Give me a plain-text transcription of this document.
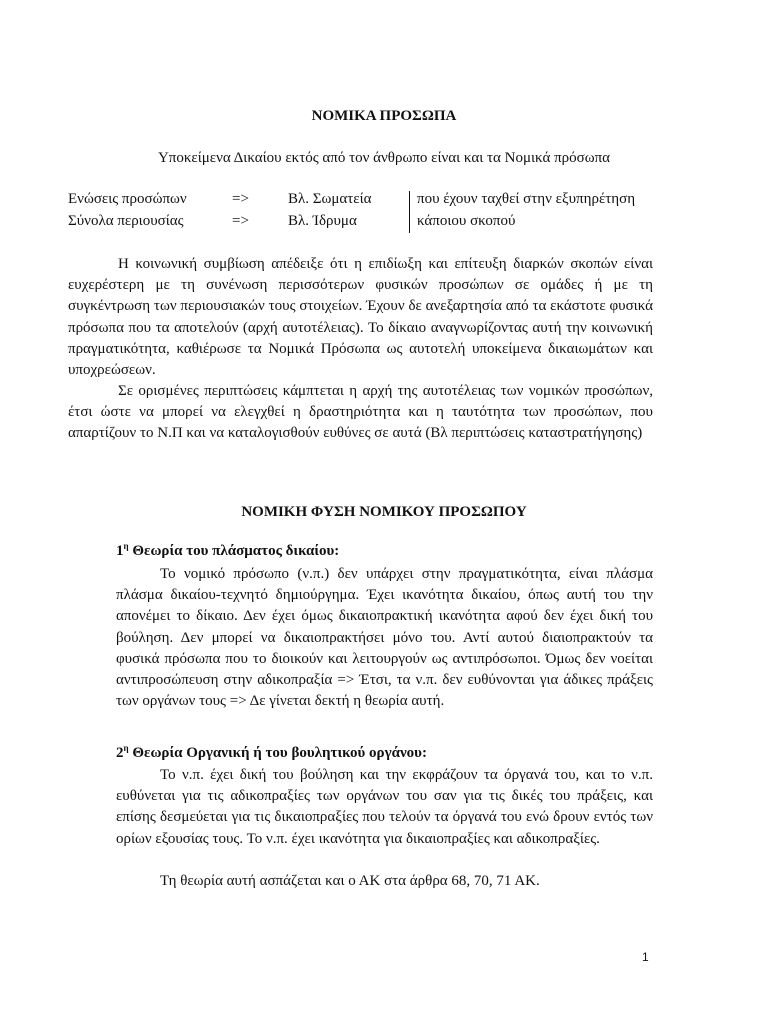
ΝΟΜΙΚΑ ΠΡΟΣΩΠΑ
Υποκείμενα Δικαίου εκτός από τον άνθρωπο είναι και τα Νομικά πρόσωπα
Ενώσεις προσώπων	=>	Βλ. Σωματεία	που έχουν ταχθεί στην εξυπηρέτηση
Σύνολα περιουσίας	=>	Βλ. Ίδρυμα	κάποιου σκοπού

Η κοινωνική συμβίωση απέδειξε ότι η επιδίωξη και επίτευξη διαρκών σκοπών είναι ευχερέστερη με τη συνένωση περισσότερων φυσικών προσώπων σε ομάδες ή με τη συγκέντρωση των περιουσιακών τους στοιχείων. Έχουν δε ανεξαρτησία από τα εκάστοτε φυσικά πρόσωπα που τα αποτελούν (αρχή αυτοτέλειας). Το δίκαιο αναγνωρίζοντας αυτή την κοινωνική πραγματικότητα, καθιέρωσε τα Νομικά Πρόσωπα ως αυτοτελή υποκείμενα δικαιωμάτων και υποχρεώσεων.

Σε ορισμένες περιπτώσεις κάμπτεται η αρχή της αυτοτέλειας των νομικών προσώπων, έτσι ώστε να μπορεί να ελεγχθεί η δραστηριότητα και η ταυτότητα των προσώπων, που απαρτίζουν το Ν.Π και να καταλογισθούν ευθύνες σε αυτά (Βλ περιπτώσεις καταστρατήγησης)

ΝΟΜΙΚΗ ΦΥΣΗ ΝΟΜΙΚΟΥ ΠΡΟΣΩΠΟΥ

$1^\eta$ Θεωρία του πλάσματος δικαίου:

Το νομικό πρόσωπο (ν.π.) δεν υπάρχει στην πραγματικότητα, είναι πλάσμα πλάσμα δικαίου-τεχνητό δημιούργημα. Έχει ικανότητα δικαίου, όπως αυτή του την απονέμει το δίκαιο. Δεν έχει όμως δικαιοπρακτική ικανότητα αφού δεν έχει δική του βούληση. Δεν μπορεί να δικαιοπρακτήσει μόνο του. Αντί αυτού διαιοπρακτούν τα φυσικά πρόσωπα που το διοικούν και λειτουργούν ως αντιπρόσωποι. Όμως δεν νοείται αντιπροσώπευση στην αδικοπραξία => Έτσι, τα ν.π. δεν ευθύνονται για άδικες πράξεις των οργάνων τους => Δε γίνεται δεκτή η θεωρία αυτή.

$2^\eta$ Θεωρία Οργανική ή του βουλητικού οργάνου:

Το ν.π. έχει δική του βούληση και την εκφράζουν τα όργανά του, και το ν.π. ευθύνεται για τις αδικοπραξίες των οργάνων του σαν για τις δικές του πράξεις, και επίσης δεσμεύεται για τις δικαιοπραξίες που τελούν τα όργανά του ενώ δρουν εντός των ορίων εξουσίας τους. Το ν.π. έχει ικανότητα για δικαιοπραξίες και αδικοπραξίες.

Τη θεωρία αυτή ασπάζεται και ο ΑΚ στα άρθρα 68, 70, 71 ΑΚ.

1
